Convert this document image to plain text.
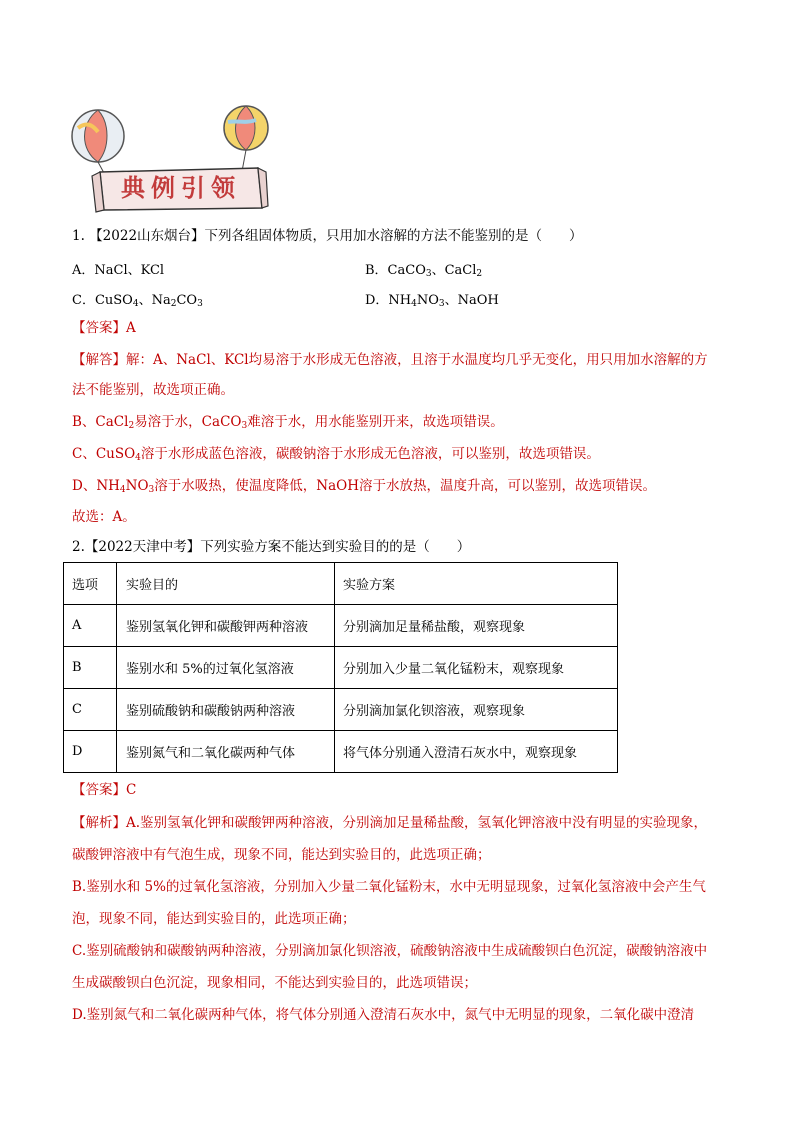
典例引领
1. 【2022山东烟台】下列各组固体物质，只用加水溶解的方法不能鉴别的是（　　）
A．NaCl、KCl	B．CaCO$_3$、CaCl$_2$
C．CuSO$_4$、$Na_2CO_3$	D．$NH_4NO_3$、NaOH
【答案】A
【解答】解：A、NaCl、KCl均易溶于水形成无色溶液，且溶于水温度均几乎无变化，用只用加水溶解的方
法不能鉴别，故选项正确。
B、CaCl$_2$易溶于水，CaCO$_3$难溶于水，用水能鉴别开来，故选项错误。
C、CuSO$_4$溶于水形成蓝色溶液，碳酸钠溶于水形成无色溶液，可以鉴别，故选项错误。
D、$NH_4NO_3$溶于水吸热，使温度降低，NaOH溶于水放热，温度升高，可以鉴别，故选项错误。
故选：A。
2.【2022天津中考】下列实验方案不能达到实验目的的是（　　）
选项	实验目的	实验方案
A	鉴别氢氧化钾和碳酸钾两种溶液	分别滴加足量稀盐酸，观察现象
B	鉴别水和 5%的过氧化氢溶液	分别加入少量二氧化锰粉末，观察现象
C	鉴别硫酸钠和碳酸钠两种溶液	分别滴加氯化钡溶液，观察现象
D	鉴别氮气和二氧化碳两种气体	将气体分别通入澄清石灰水中，观察现象
【答案】C
【解析】A.鉴别氢氧化钾和碳酸钾两种溶液，分别滴加足量稀盐酸，氢氧化钾溶液中没有明显的实验现象，
碳酸钾溶液中有气泡生成，现象不同，能达到实验目的，此选项正确；
B.鉴别水和 5%的过氧化氢溶液，分别加入少量二氧化锰粉末，水中无明显现象，过氧化氢溶液中会产生气
泡，现象不同，能达到实验目的，此选项正确；
C.鉴别硫酸钠和碳酸钠两种溶液，分别滴加氯化钡溶液，硫酸钠溶液中生成硫酸钡白色沉淀，碳酸钠溶液中
生成碳酸钡白色沉淀，现象相同，不能达到实验目的，此选项错误；
D.鉴别氮气和二氧化碳两种气体，将气体分别通入澄清石灰水中，氮气中无明显的现象，二氧化碳中澄清
